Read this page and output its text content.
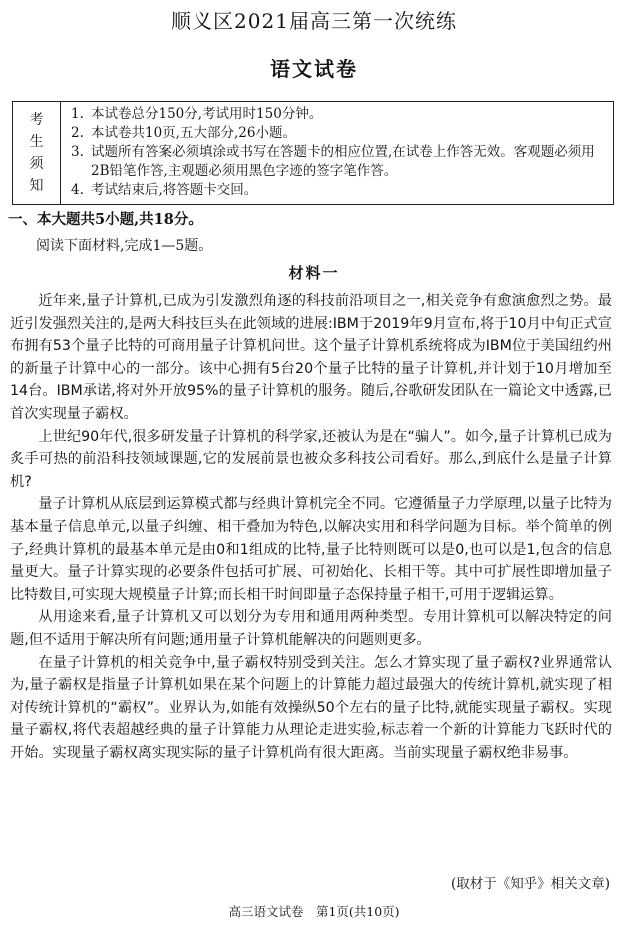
顺义区2021届高三第一次统练
语文试卷
考生须知
1. 本试卷总分150分,考试用时150分钟。
2. 本试卷共10页,五大部分,26小题。
3. 试题所有答案必须填涂或书写在答题卡的相应位置,在试卷上作答无效。客观题必须用2B铅笔作答,主观题必须用黑色字迹的签字笔作答。
4. 考试结束后,将答题卡交回。
一、本大题共5小题,共18分。
阅读下面材料,完成1—5题。
材料一

近年来,量子计算机,已成为引发激烈角逐的科技前沿项目之一,相关竞争有愈演愈烈之势。最近引发强烈关注的,是两大科技巨头在此领域的进展:IBM于2019年9月宣布,将于10月中旬正式宣布拥有53个量子比特的可商用量子计算机问世。这个量子计算机系统将成为IBM位于美国纽约州的新量子计算中心的一部分。该中心拥有5台20个量子比特的量子计算机,并计划于10月增加至14台。IBM承诺,将对外开放95%的量子计算机的服务。随后,谷歌研发团队在一篇论文中透露,已首次实现量子霸权。

上世纪90年代,很多研发量子计算机的科学家,还被认为是在“骗人”。如今,量子计算机已成为炙手可热的前沿科技领域课题,它的发展前景也被众多科技公司看好。那么,到底什么是量子计算机?

量子计算机从底层到运算模式都与经典计算机完全不同。它遵循量子力学原理,以量子比特为基本量子信息单元,以量子纠缠、相干叠加为特色,以解决实用和科学问题为目标。举个简单的例子,经典计算机的最基本单元是由0和1组成的比特,量子比特则既可以是0,也可以是1,包含的信息量更大。量子计算实现的必要条件包括可扩展、可初始化、长相干等。其中可扩展性即增加量子比特数目,可实现大规模量子计算;而长相干时间即量子态保持量子相干,可用于逻辑运算。

从用途来看,量子计算机又可以划分为专用和通用两种类型。专用计算机可以解决特定的问题,但不适用于解决所有问题;通用量子计算机能解决的问题则更多。

在量子计算机的相关竞争中,量子霸权特别受到关注。怎么才算实现了量子霸权?业界通常认为,量子霸权是指量子计算机如果在某个问题上的计算能力超过最强大的传统计算机,就实现了相对传统计算机的“霸权”。业界认为,如能有效操纵50个左右的量子比特,就能实现量子霸权。实现量子霸权,将代表超越经典的量子计算能力从理论走进实验,标志着一个新的计算能力飞跃时代的开始。实现量子霸权离实现实际的量子计算机尚有很大距离。当前实现量子霸权绝非易事。

(取材于《知乎》相关文章)
高三语文试卷　第1页(共10页)
